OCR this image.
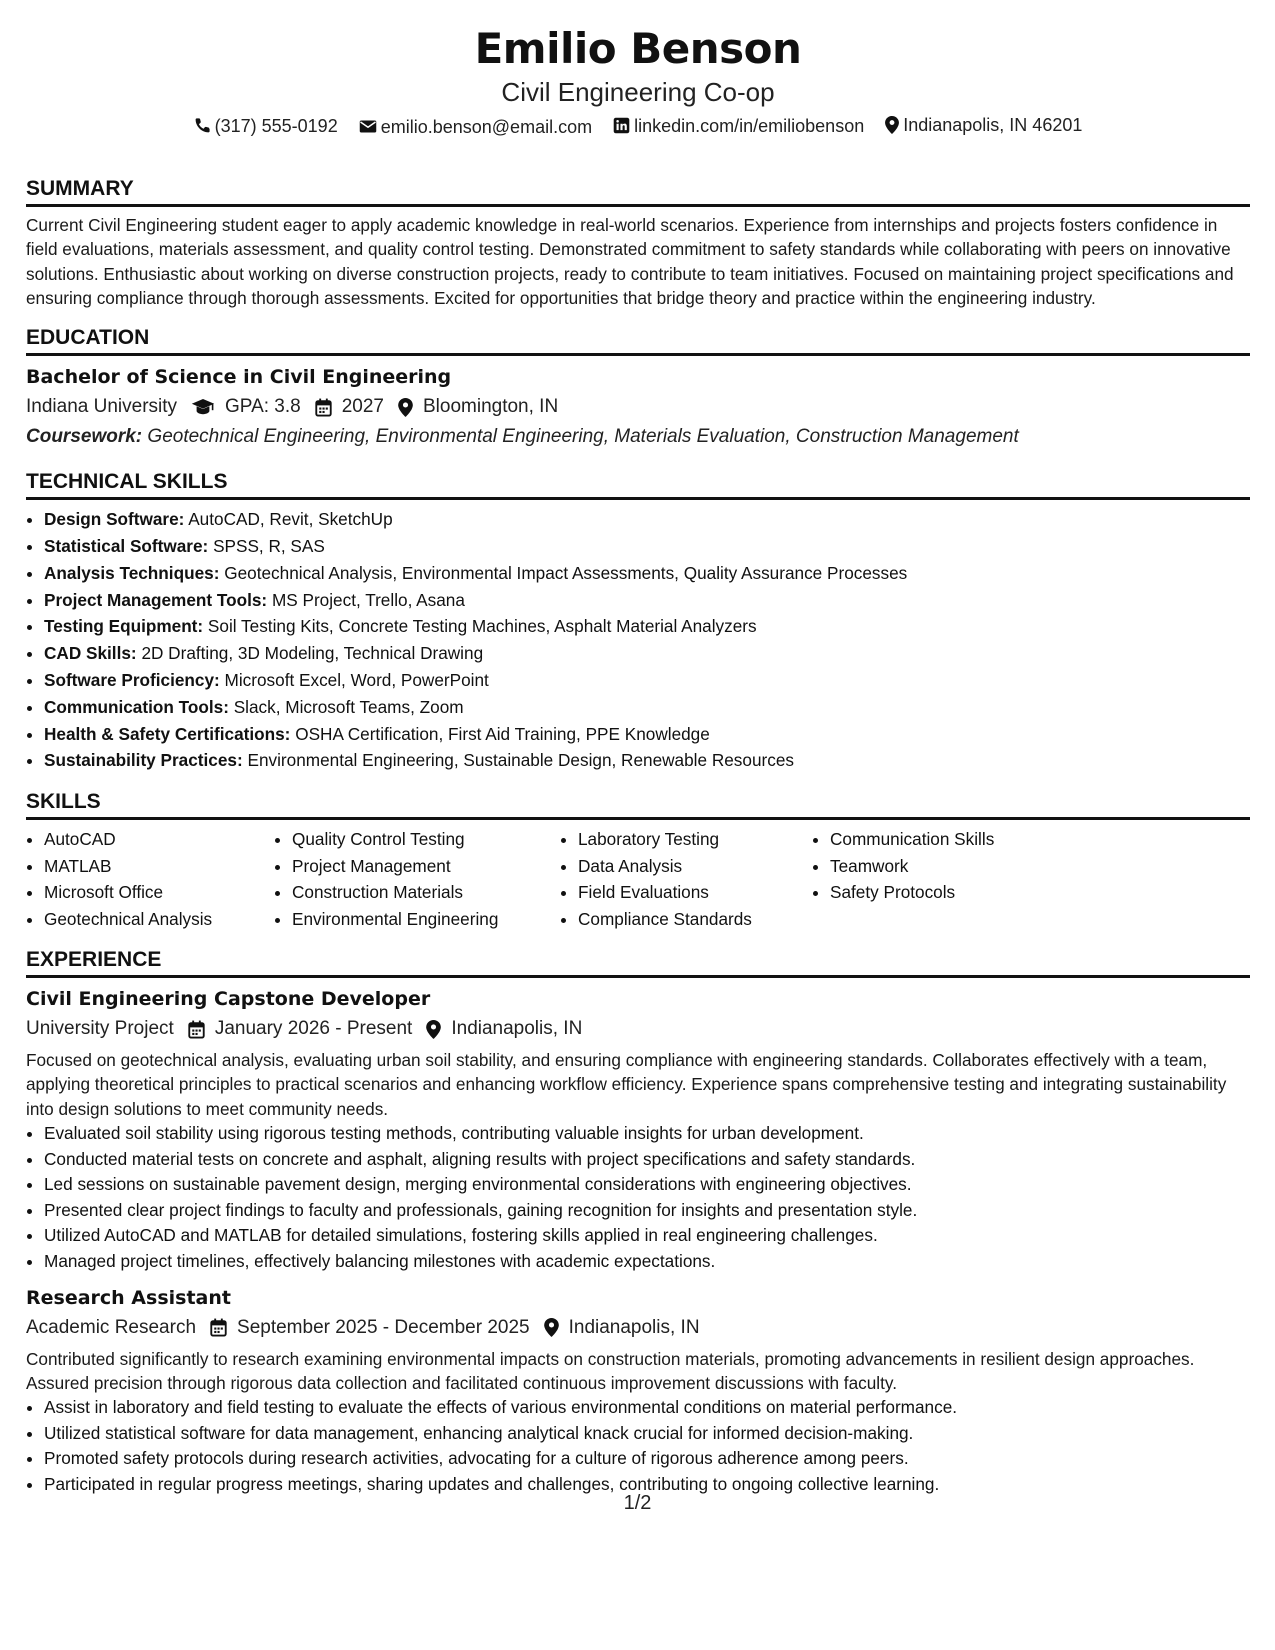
Emilio Benson
Civil Engineering Co-op
(317) 555-0192
emilio.benson@email.com
linkedin.com/in/emiliobenson
Indianapolis, IN 46201
SUMMARY
Current Civil Engineering student eager to apply academic knowledge in real-world scenarios. Experience from internships and projects fosters confidence in field evaluations, materials assessment, and quality control testing. Demonstrated commitment to safety standards while collaborating with peers on innovative solutions. Enthusiastic about working on diverse construction projects, ready to contribute to team initiatives. Focused on maintaining project specifications and ensuring compliance through thorough assessments. Excited for opportunities that bridge theory and practice within the engineering industry.
EDUCATION
Bachelor of Science in Civil Engineering
Indiana University	GPA: 3.8 2027 Bloomington, IN
Coursework: Geotechnical Engineering, Environmental Engineering, Materials Evaluation, Construction Management
TECHNICAL SKILLS
• Design Software: AutoCAD, Revit, SketchUp
• Statistical Software: SPSS, R, SAS
• Analysis Techniques: Geotechnical Analysis, Environmental Impact Assessments, Quality Assurance Processes
• Project Management Tools: MS Project, Trello, Asana
• Testing Equipment: Soil Testing Kits, Concrete Testing Machines, Asphalt Material Analyzers
• CAD Skills: 2D Drafting, 3D Modeling, Technical Drawing
• Software Proficiency: Microsoft Excel, Word, PowerPoint
• Communication Tools: Slack, Microsoft Teams, Zoom
• Health & Safety Certifications: OSHA Certification, First Aid Training, PPE Knowledge
• Sustainability Practices: Environmental Engineering, Sustainable Design, Renewable Resources
SKILLS
• AutoCAD
• MATLAB
• Microsoft Office
• Geotechnical Analysis
• Quality Control Testing
• Project Management
• Construction Materials
• Environmental Engineering
• Laboratory Testing
• Data Analysis
• Field Evaluations
• Compliance Standards
• Communication Skills
• Teamwork
• Safety Protocols
EXPERIENCE
Civil Engineering Capstone Developer
University Project January 2026 - Present Indianapolis, IN
Focused on geotechnical analysis, evaluating urban soil stability, and ensuring compliance with engineering standards. Collaborates effectively with a team, applying theoretical principles to practical scenarios and enhancing workflow efficiency. Experience spans comprehensive testing and integrating sustainability into design solutions to meet community needs.
• Evaluated soil stability using rigorous testing methods, contributing valuable insights for urban development.
• Conducted material tests on concrete and asphalt, aligning results with project specifications and safety standards.
• Led sessions on sustainable pavement design, merging environmental considerations with engineering objectives.
• Presented clear project findings to faculty and professionals, gaining recognition for insights and presentation style.
• Utilized AutoCAD and MATLAB for detailed simulations, fostering skills applied in real engineering challenges.
• Managed project timelines, effectively balancing milestones with academic expectations.
Research Assistant
Academic Research September 2025 - December 2025 Indianapolis, IN
Contributed significantly to research examining environmental impacts on construction materials, promoting advancements in resilient design approaches. Assured precision through rigorous data collection and facilitated continuous improvement discussions with faculty.
• Assist in laboratory and field testing to evaluate the effects of various environmental conditions on material performance.
• Utilized statistical software for data management, enhancing analytical knack crucial for informed decision-making.
• Promoted safety protocols during research activities, advocating for a culture of rigorous adherence among peers.
• Participated in regular progress meetings, sharing updates and challenges, contributing to ongoing collective learning.
1/2
